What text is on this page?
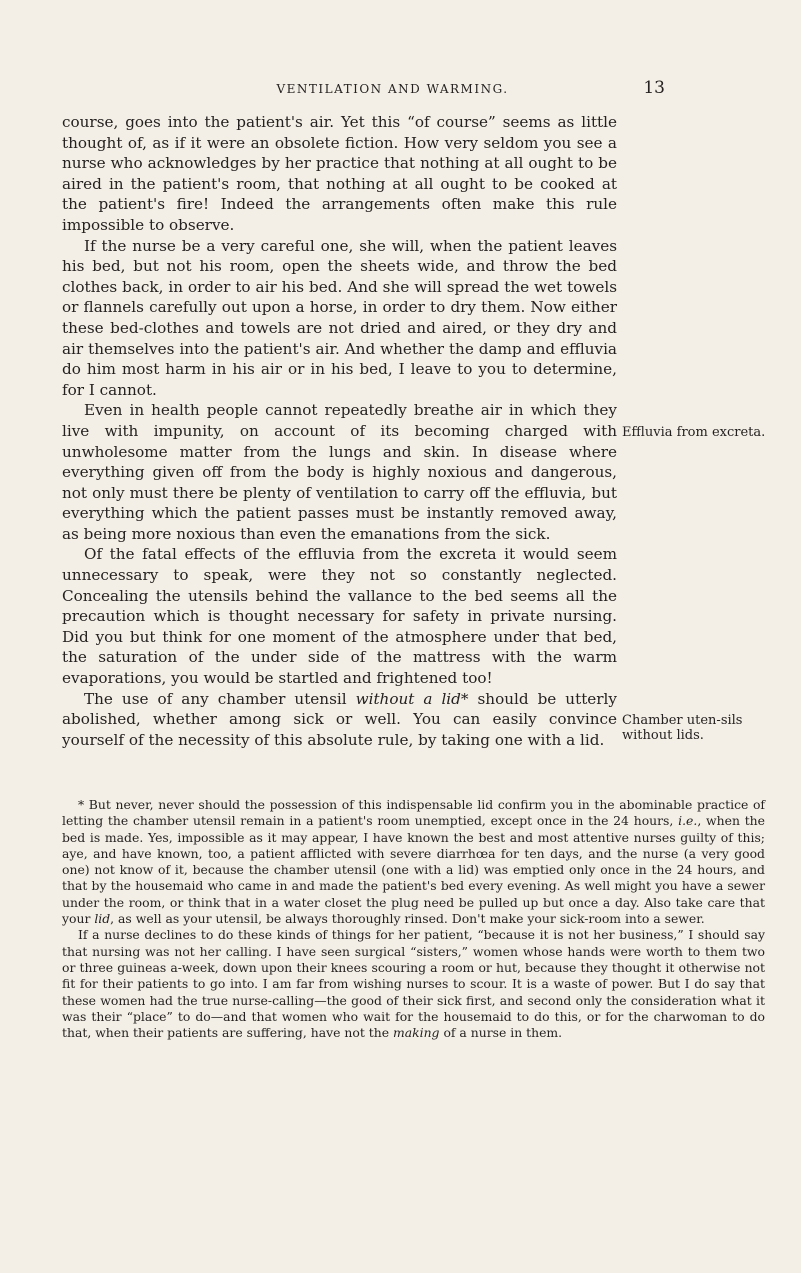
VENTILATION AND WARMING.	13

course, goes into the patient's air. Yet this “of course” seems as little thought of, as if it were an obsolete fiction. How very seldom you see a nurse who acknowledges by her practice that nothing at all ought to be aired in the patient's room, that nothing at all ought to be cooked at the patient's fire! Indeed the arrangements often make this rule impossible to observe.

If the nurse be a very careful one, she will, when the patient leaves his bed, but not his room, open the sheets wide, and throw the bed clothes back, in order to air his bed. And she will spread the wet towels or flannels carefully out upon a horse, in order to dry them. Now either these bed-clothes and towels are not dried and aired, or they dry and air themselves into the patient's air. And whether the damp and effluvia do him most harm in his air or in his bed, I leave to you to determine, for I cannot.

Even in health people cannot repeatedly breathe air in which they live with impunity, on account of its becoming charged with unwholesome matter from the lungs and skin. In disease where everything given off from the body is highly noxious and dangerous, not only must there be plenty of ventilation to carry off the effluvia, but everything which the patient passes must be instantly removed away, as being more noxious than even the emanations from the sick.

Of the fatal effects of the effluvia from the excreta it would seem unnecessary to speak, were they not so constantly neglected. Concealing the utensils behind the vallance to the bed seems all the precaution which is thought necessary for safety in private nursing. Did you but think for one moment of the atmosphere under that bed, the saturation of the under side of the mattress with the warm evaporations, you would be startled and frightened too!

The use of any chamber utensil without a lid* should be utterly abolished, whether among sick or well. You can easily convince yourself of the necessity of this absolute rule, by taking one with a lid.

Effluvia from excreta.
Chamber uten-sils without lids.

* But never, never should the possession of this indispensable lid confirm you in the abominable practice of letting the chamber utensil remain in a patient's room unemptied, except once in the 24 hours, i.e., when the bed is made. Yes, impossible as it may appear, I have known the best and most attentive nurses guilty of this; aye, and have known, too, a patient afflicted with severe diarrhœa for ten days, and the nurse (a very good one) not know of it, because the chamber utensil (one with a lid) was emptied only once in the 24 hours, and that by the housemaid who came in and made the patient's bed every evening. As well might you have a sewer under the room, or think that in a water closet the plug need be pulled up but once a day. Also take care that your lid, as well as your utensil, be always thoroughly rinsed. Don't make your sick-room into a sewer.

If a nurse declines to do these kinds of things for her patient, “because it is not her business,” I should say that nursing was not her calling. I have seen surgical “sisters,” women whose hands were worth to them two or three guineas a-week, down upon their knees scouring a room or hut, because they thought it otherwise not fit for their patients to go into. I am far from wishing nurses to scour. It is a waste of power. But I do say that these women had the true nurse-calling—the good of their sick first, and second only the consideration what it was their “place” to do—and that women who wait for the housemaid to do this, or for the charwoman to do that, when their patients are suffering, have not the making of a nurse in them.
